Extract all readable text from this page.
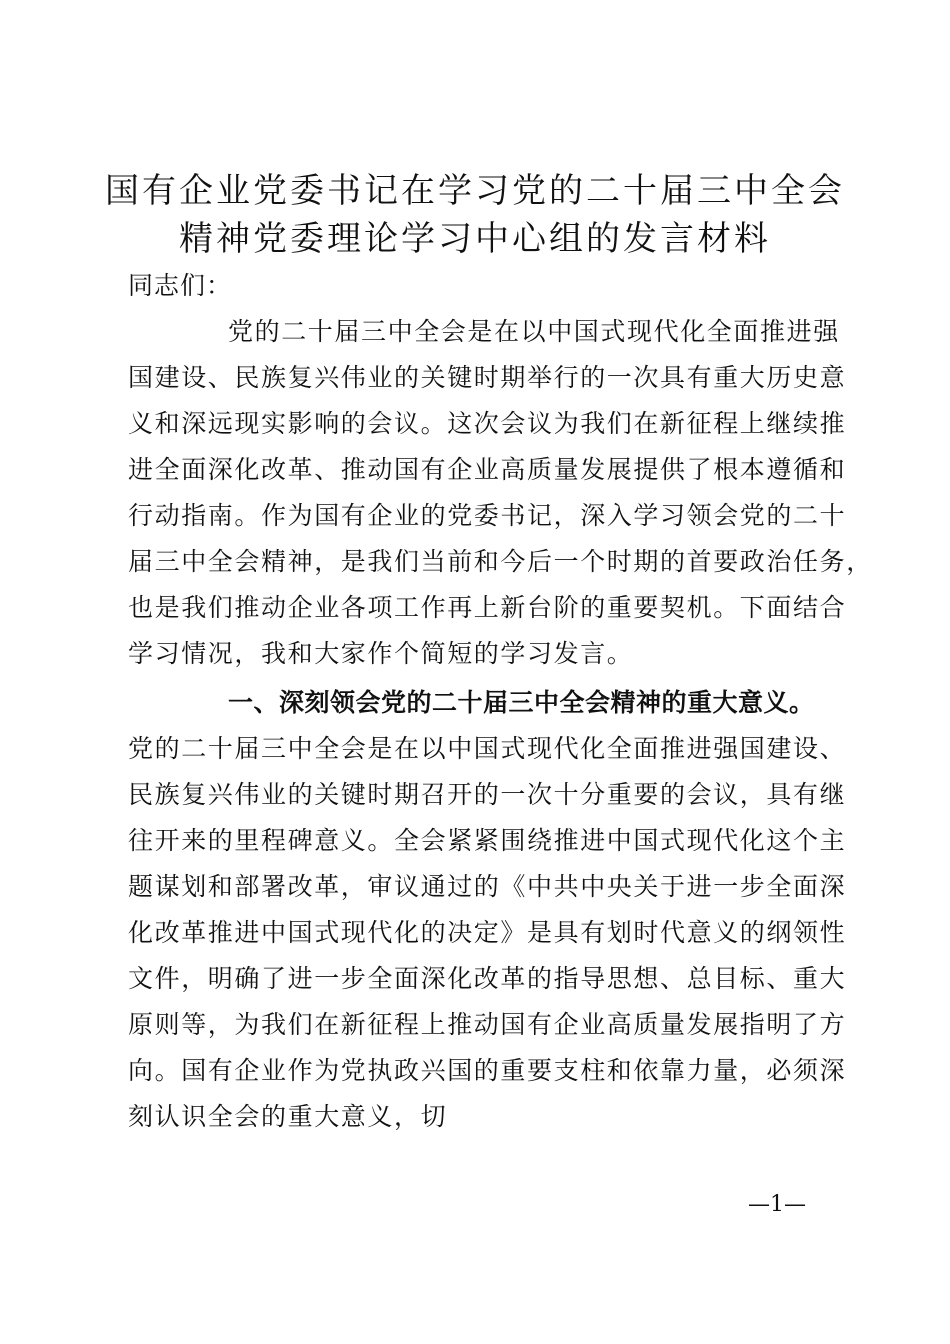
国有企业党委书记在学习党的二十届三中全会
精神党委理论学习中心组的发言材料
同志们：
党的二十届三中全会是在以中国式现代化全面推进强
国建设、民族复兴伟业的关键时期举行的一次具有重大历史意
义和深远现实影响的会议。这次会议为我们在新征程上继续推
进全面深化改革、推动国有企业高质量发展提供了根本遵循和
行动指南。作为国有企业的党委书记，深入学习领会党的二十
届三中全会精神，是我们当前和今后一个时期的首要政治任务，
也是我们推动企业各项工作再上新台阶的重要契机。下面结合
学习情况，我和大家作个简短的学习发言。
一、深刻领会党的二十届三中全会精神的重大意义。
党的二十届三中全会是在以中国式现代化全面推进强国建设、
民族复兴伟业的关键时期召开的一次十分重要的会议，具有继
往开来的里程碑意义。全会紧紧围绕推进中国式现代化这个主
题谋划和部署改革，审议通过的《中共中央关于进一步全面深
化改革推进中国式现代化的决定》是具有划时代意义的纲领性
文件，明确了进一步全面深化改革的指导思想、总目标、重大
原则等，为我们在新征程上推动国有企业高质量发展指明了方
向。国有企业作为党执政兴国的重要支柱和依靠力量，必须深
刻认识全会的重大意义，切
—1—
